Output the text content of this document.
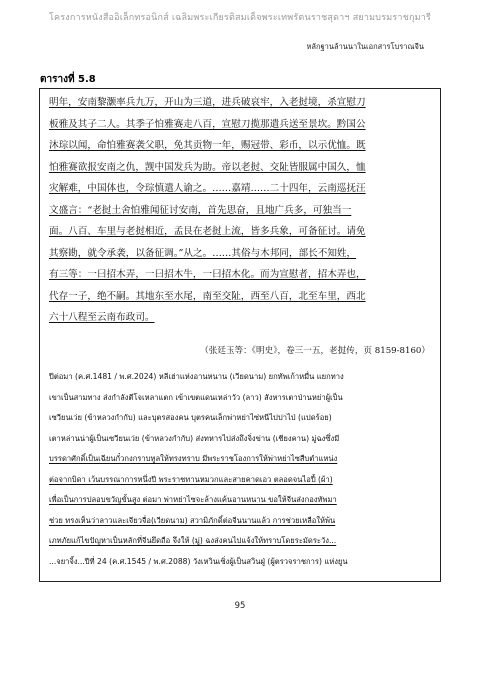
โครงการหนังสืออิเล็กทรอนิกส์ เฉลิมพระเกียรติสมเด็จพระเทพรัตนราชสุดาฯ สยามบรมราชกุมารี
หลักฐานล้านนาในเอกสารโบราณจีน
ตารางที่ 5.8
明年，安南黎灏率兵九万，开山为三道，进兵破哀牢，入老挝境，杀宣慰刀
板雅及其子二人。其季子怕雅赛走八百，宣慰刀揽那遣兵送至景坎。黔国公
沐琮以闻，命怕雅赛袭父职，免其贡物一年，赐冠带、彩币，以示优恤。既
怕雅赛欲报安南之仇，觊中国发兵为助。帝以老挝、交阯皆服属中国久，恤
灾解难，中国体也，令琮慎遣人谕之。……嘉靖……二十四年，云南巡抚汪
文盛言：“老挝土舍怕雅闻征讨安南，首先思奋，且地广兵多，可独当一
面。八百、车里与老挝相近，孟艮在老挝上流，皆多兵象，可备征讨。请免
其察勘，就令承袭，以备征调。”从之。……其俗与木邦同，部长不知姓，
有三等：一曰招木弄，一曰招木牛，一曰招木化。而为宣慰者，招木弄也，
代存一子，绝不嗣。其地东至水尾，南至交阯，西至八百，北至车里，西北
六十八程至云南布政司。
（张廷玉等：《明史》，卷三一五，老挝传，页 8159-8160）
ปีต่อมา (ค.ศ.1481 / พ.ศ.2024) หลีเฮ่าแห่งอานหนาน (เวียดนาม) ยกทัพเก้าหมื่น แยกทาง
เขาเป็นสามทาง ส่งกำลังตีโจเหลาแตก เข้าเขตแดนเหล่าวัว (ลาว) สังหารเตาป่านหย่าผู้เป็น
เซวียนเว่ย (ข้าหลวงกำกับ) และบุตรสองคน บุตรคนเล็กพ่าหย่าไซ่หนีไปปาไป่ (แปดร้อย)
เตาหล่านน่าผู้เป็นเซวียนเว่ย (ข้าหลวงกำกับ) ส่งทหารไปส่งถึงจิ่งข่าน (เชียงคาน) มู่ฉงซึ่งมี
บรรดาศักดิ์เป็นเฉียนกั๋วกงกราบทูลให้ทรงทราบ มีพระราชโองการให้พ่าหย่าไซสืบตำแหน่ง
ต่อจากบิดา เว้นบรรณาการหนึ่งปี พระราชทานหมวกและสายคาดเอว ตลอดจนไอปี้ (ผ้า)
เพื่อเป็นการปลอบขวัญขั้นสูง ต่อมา พ่าหย่าไซจะล้างแค้นอานหนาน ขอให้จีนส่งกองทัพมา
ช่วย ทรงเห็นว่าลาวและเจียวจื่อ(เวียดนาม) สวามิภักดิ์ต่อจีนนานแล้ว การช่วยเหลือให้พ้น
เภทภัยแก้ไขปัญหาเป็นหลักที่จีนยึดถือ จึงให้ (มู่) ฉงส่งคนไปแจ้งให้ทราบโดยระมัดระวัง...
...จยาจิ้ง...ปีที่ 24 (ค.ศ.1545 / พ.ศ.2088) วังเหวินเซิ่งผู้เป็นสวินฝู่ (ผู้ตรวจราชการ) แห่งยูน
95
